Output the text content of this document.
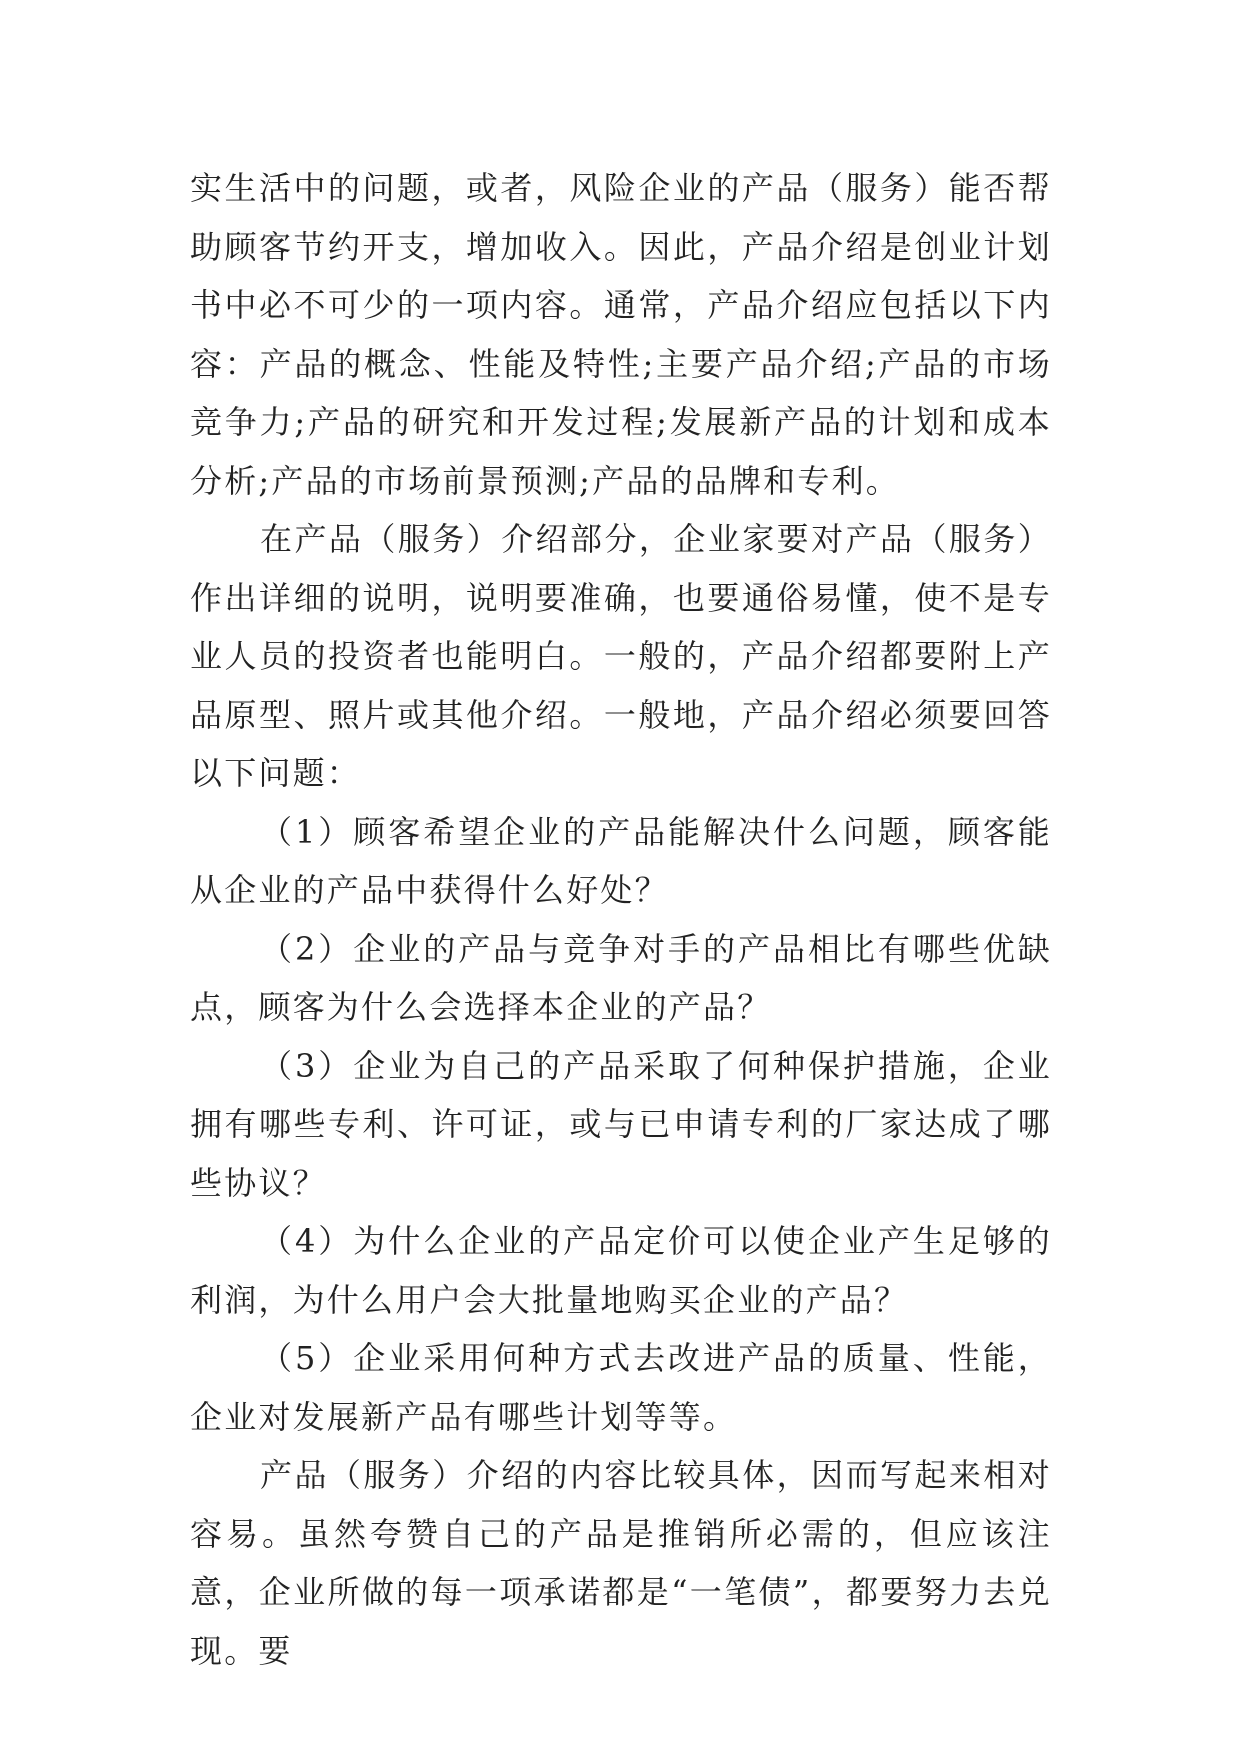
实生活中的问题，或者，风险企业的产品（服务）能否帮助顾客节约开支，增加收入。因此，产品介绍是创业计划书中必不可少的一项内容。通常，产品介绍应包括以下内容：产品的概念、性能及特性;主要产品介绍;产品的市场竞争力;产品的研究和开发过程;发展新产品的计划和成本分析;产品的市场前景预测;产品的品牌和专利。

在产品（服务）介绍部分，企业家要对产品（服务）作出详细的说明，说明要准确，也要通俗易懂，使不是专业人员的投资者也能明白。一般的，产品介绍都要附上产品原型、照片或其他介绍。一般地，产品介绍必须要回答以下问题：

（1）顾客希望企业的产品能解决什么问题，顾客能从企业的产品中获得什么好处？

（2）企业的产品与竞争对手的产品相比有哪些优缺点，顾客为什么会选择本企业的产品？

（3）企业为自己的产品采取了何种保护措施，企业拥有哪些专利、许可证，或与已申请专利的厂家达成了哪些协议？

（4）为什么企业的产品定价可以使企业产生足够的利润，为什么用户会大批量地购买企业的产品？

（5）企业采用何种方式去改进产品的质量、性能，企业对发展新产品有哪些计划等等。

产品（服务）介绍的内容比较具体，因而写起来相对容易。虽然夸赞自己的产品是推销所必需的，但应该注意，企业所做的每一项承诺都是“一笔债”，都要努力去兑现。要
